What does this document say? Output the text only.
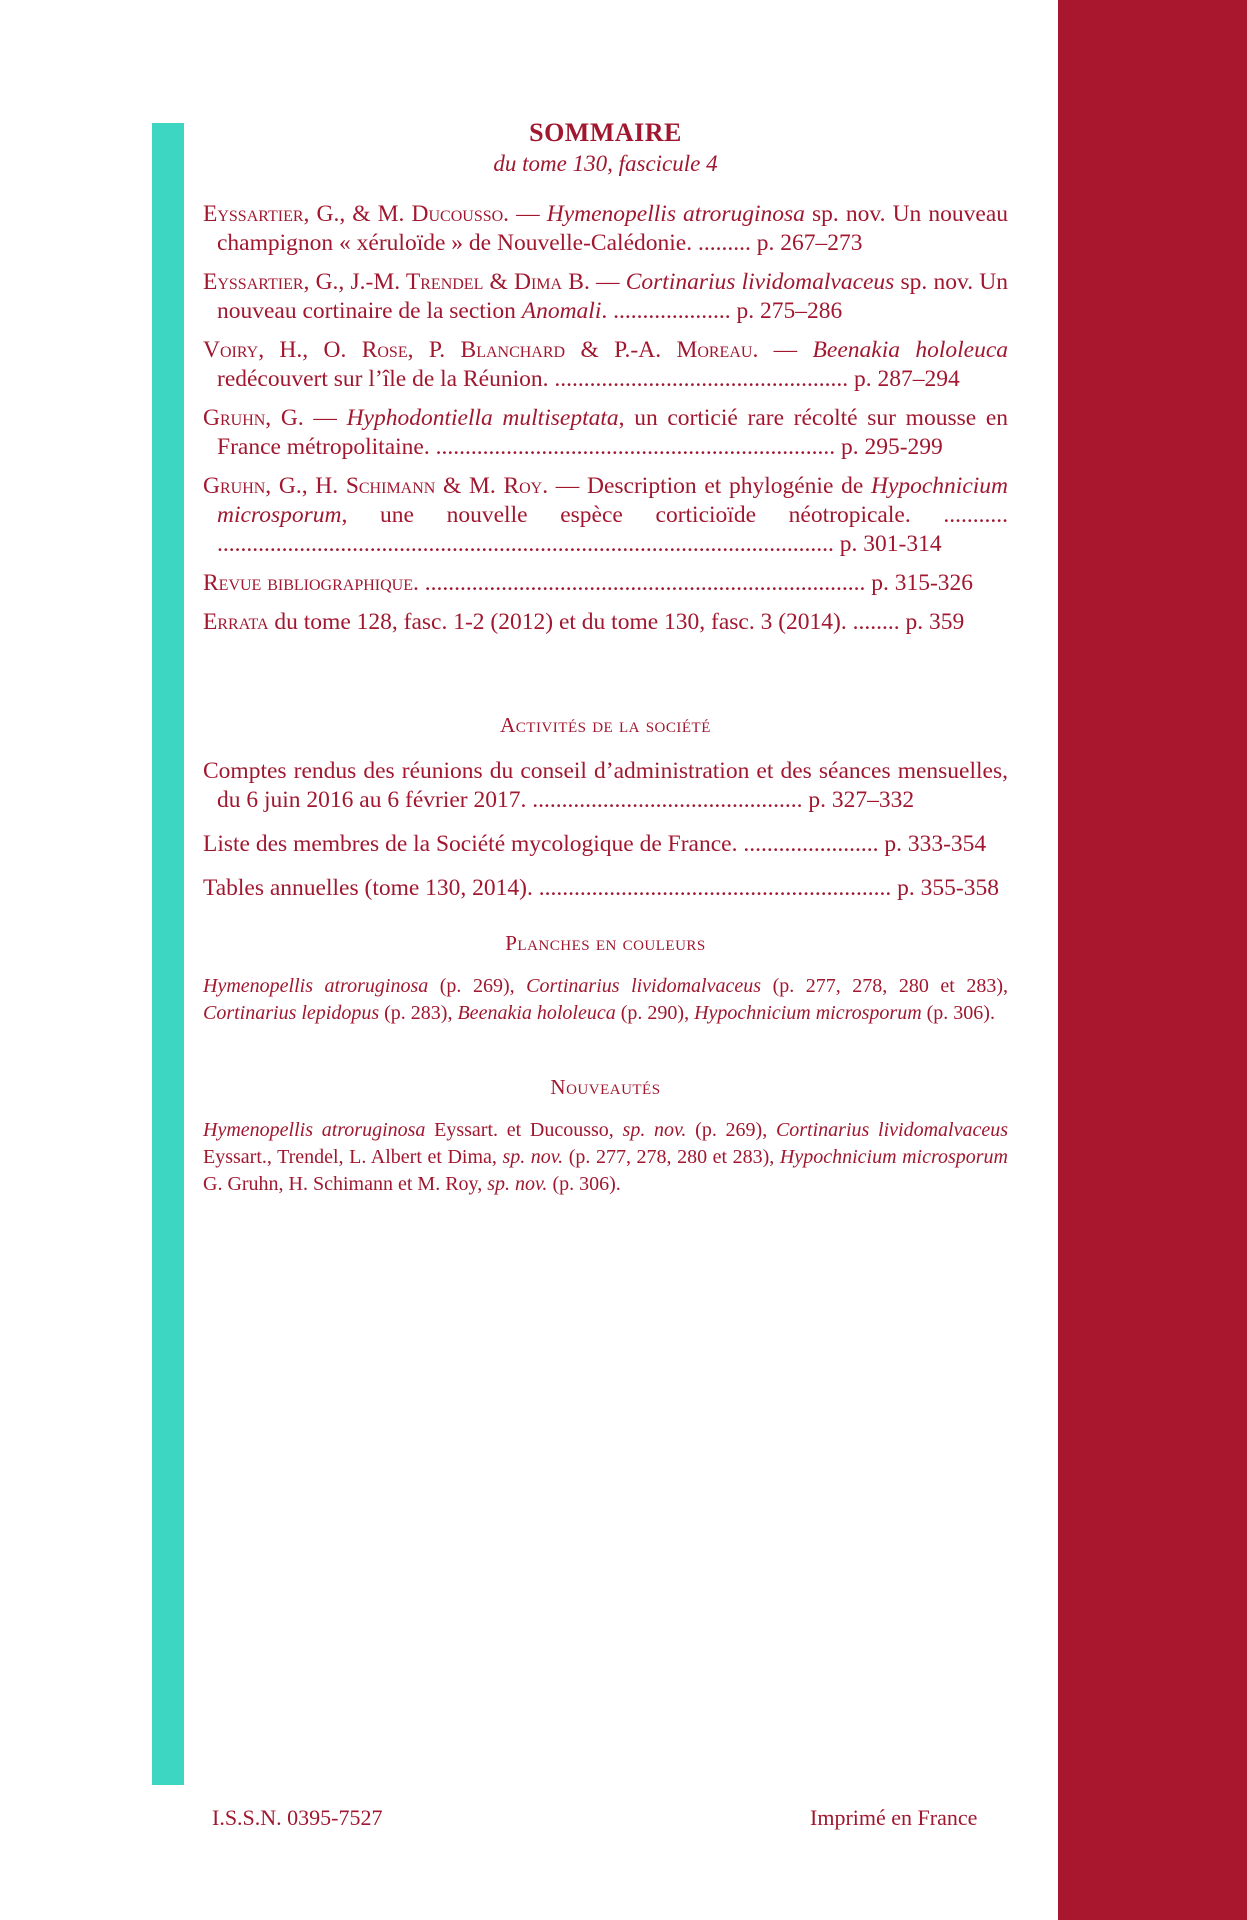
SOMMAIRE
du tome 130, fascicule 4
Eyssartier, G., & M. Ducousso. — Hymenopellis atroruginosa sp. nov. Un nouveau champignon « xéruloïde » de Nouvelle-Calédonie. ......... p. 267–273
Eyssartier, G., J.-M. Trendel & Dima B. — Cortinarius lividomalvaceus sp. nov. Un nouveau cortinaire de la section Anomali. .................... p. 275–286
Voiry, H., O. Rose, P. Blanchard & P.-A. Moreau. — Beenakia hololeuca redécouvert sur l’île de la Réunion. .................................................. p. 287–294
Gruhn, G. — Hyphodontiella multiseptata, un corticié rare récolté sur mousse en France métropolitaine. .................................................................... p. 295-299
Gruhn, G., H. Schimann & M. Roy. — Description et phylogénie de Hypochnicium microsporum, une nouvelle espèce corticioïde néotropicale. ........... ......................................................................................................... p. 301-314
Revue bibliographique. ........................................................................... p. 315-326
Errata du tome 128, fasc. 1-2 (2012) et du tome 130, fasc. 3 (2014). ........ p. 359
Activités de la société
Comptes rendus des réunions du conseil d’administration et des séances mensuelles, du 6 juin 2016 au 6 février 2017. .............................................. p. 327–332
Liste des membres de la Société mycologique de France. ....................... p. 333-354
Tables annuelles (tome 130, 2014). ............................................................ p. 355-358
Planches en couleurs
Hymenopellis atroruginosa (p. 269), Cortinarius lividomalvaceus (p. 277, 278, 280 et 283), Cortinarius lepidopus (p. 283), Beenakia hololeuca (p. 290), Hypochnicium microsporum (p. 306).
Nouveautés
Hymenopellis atroruginosa Eyssart. et Ducousso, sp. nov. (p. 269), Cortinarius lividomalvaceus Eyssart., Trendel, L. Albert et Dima, sp. nov. (p. 277, 278, 280 et 283), Hypochnicium microsporum G. Gruhn, H. Schimann et M. Roy, sp. nov. (p. 306).
I.S.S.N. 0395-7527	Imprimé en France
